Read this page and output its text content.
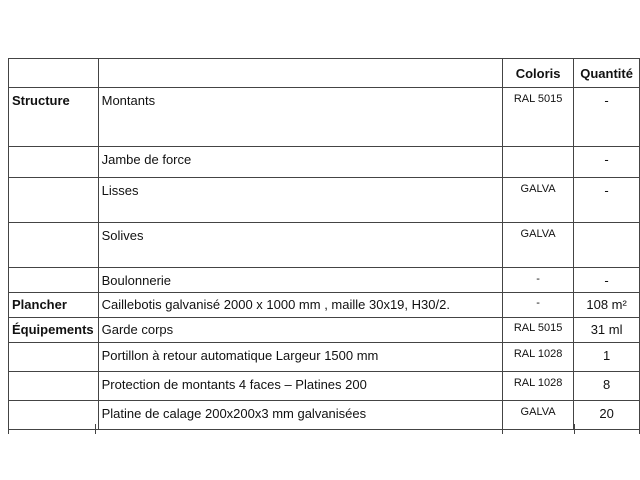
		Coloris	Quantité
Structure	Montants	RAL 5015	-
	Jambe de force		-
	Lisses	GALVA	-
	Solives	GALVA	
	Boulonnerie	-	-
Plancher	Caillebotis galvanisé 2000 x 1000 mm , maille 30x19, H30/2.	-	108 m²
Équipements	Garde corps	RAL 5015	31 ml
	Portillon à retour automatique Largeur 1500 mm	RAL 1028	1
	Protection de montants 4 faces – Platines 200	RAL 1028	8
	Platine de calage 200x200x3 mm galvanisées	GALVA	20
